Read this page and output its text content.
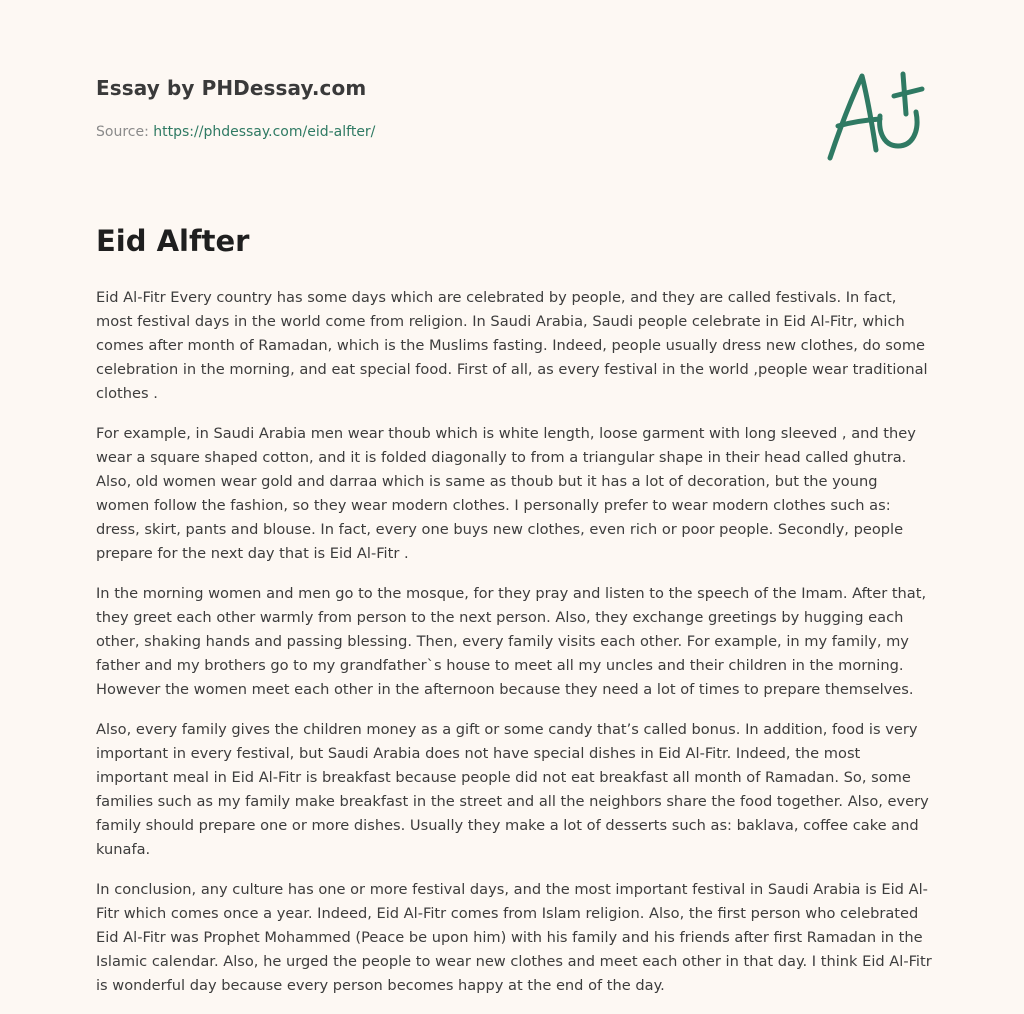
Essay by PHDessay.com
Source: https://phdessay.com/eid-alfter/
Eid Alfter

Eid Al-Fitr Every country has some days which are celebrated by people, and they are called festivals. In fact, most festival days in the world come from religion. In Saudi Arabia, Saudi people celebrate in Eid Al-Fitr, which comes after month of Ramadan, which is the Muslims fasting. Indeed, people usually dress new clothes, do some celebration in the morning, and eat special food. First of all, as every festival in the world ,people wear traditional clothes .

For example, in Saudi Arabia men wear thoub which is white length, loose garment with long sleeved , and they wear a square shaped cotton, and it is folded diagonally to from a triangular shape in their head called ghutra. Also, old women wear gold and darraa which is same as thoub but it has a lot of decoration, but the young women follow the fashion, so they wear modern clothes. I personally prefer to wear modern clothes such as: dress, skirt, pants and blouse. In fact, every one buys new clothes, even rich or poor people. Secondly, people prepare for the next day that is Eid Al-Fitr .

In the morning women and men go to the mosque, for they pray and listen to the speech of the Imam. After that, they greet each other warmly from person to the next person. Also, they exchange greetings by hugging each other, shaking hands and passing blessing. Then, every family visits each other. For example, in my family, my father and my brothers go to my grandfather`s house to meet all my uncles and their children in the morning. However the women meet each other in the afternoon because they need a lot of times to prepare themselves.

Also, every family gives the children money as a gift or some candy that’s called bonus. In addition, food is very important in every festival, but Saudi Arabia does not have special dishes in Eid Al-Fitr. Indeed, the most important meal in Eid Al-Fitr is breakfast because people did not eat breakfast all month of Ramadan. So, some families such as my family make breakfast in the street and all the neighbors share the food together. Also, every family should prepare one or more dishes. Usually they make a lot of desserts such as: baklava, coffee cake and kunafa.

In conclusion, any culture has one or more festival days, and the most important festival in Saudi Arabia is Eid Al-Fitr which comes once a year. Indeed, Eid Al-Fitr comes from Islam religion. Also, the first person who celebrated Eid Al-Fitr was Prophet Mohammed (Peace be upon him) with his family and his friends after first Ramadan in the Islamic calendar. Also, he urged the people to wear new clothes and meet each other in that day. I think Eid Al-Fitr is wonderful day because every person becomes happy at the end of the day.
